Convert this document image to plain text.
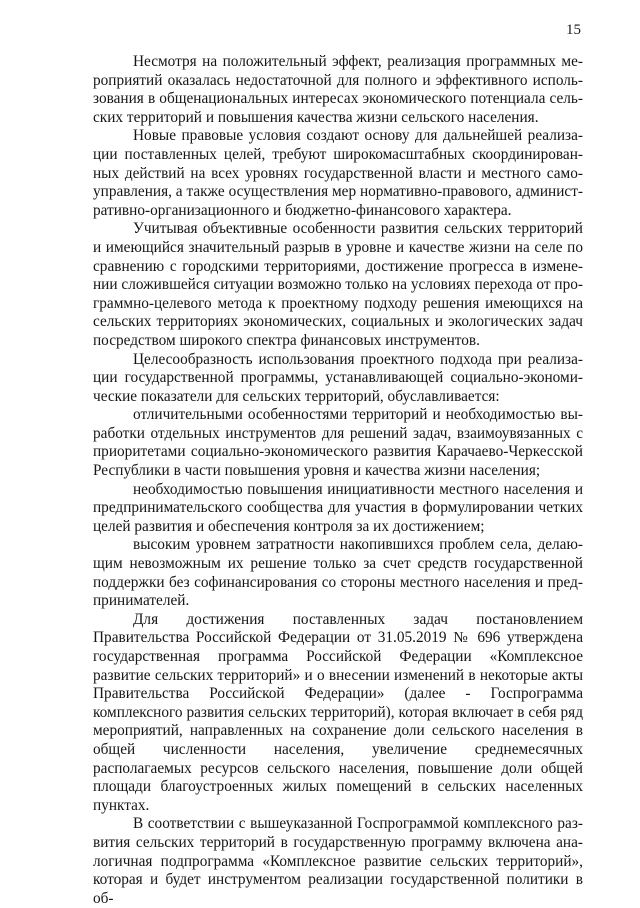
15

Несмотря на положительный эффект, реализация программных мероприятий оказалась недостаточной для полного и эффективного использования в общенациональных интересах экономического потенциала сельских территорий и повышения качества жизни сельского населения.

Новые правовые условия создают основу для дальнейшей реализации поставленных целей, требуют широкомасштабных скоординированных действий на всех уровнях государственной власти и местного самоуправления, а также осуществления мер нормативно-правового, административно-организационного и бюджетно-финансового характера.

Учитывая объективные особенности развития сельских территорий и имеющийся значительный разрыв в уровне и качестве жизни на селе по сравнению с городскими территориями, достижение прогресса в изменении сложившейся ситуации возможно только на условиях перехода от программно-целевого метода к проектному подходу решения имеющихся на сельских территориях экономических, социальных и экологических задач посредством широкого спектра финансовых инструментов.

Целесообразность использования проектного подхода при реализации государственной программы, устанавливающей социально-экономические показатели для сельских территорий, обуславливается:

отличительными особенностями территорий и необходимостью выработки отдельных инструментов для решений задач, взаимоувязанных с приоритетами социально-экономического развития Карачаево-Черкесской Республики в части повышения уровня и качества жизни населения;

необходимостью повышения инициативности местного населения и предпринимательского сообщества для участия в формулировании четких целей развития и обеспечения контроля за их достижением;

высоким уровнем затратности накопившихся проблем села, делающим невозможным их решение только за счет средств государственной поддержки без софинансирования со стороны местного населения и предпринимателей.

Для достижения поставленных задач постановлением Правительства Российской Федерации от 31.05.2019 № 696 утверждена государственная программа Российской Федерации «Комплексное развитие сельских территорий» и о внесении изменений в некоторые акты Правительства Российской Федерации» (далее - Госпрограмма комплексного развития сельских территорий), которая включает в себя ряд мероприятий, направленных на сохранение доли сельского населения в общей численности населения, увеличение среднемесячных располагаемых ресурсов сельского населения, повышение доли общей площади благоустроенных жилых помещений в сельских населенных пунктах.

В соответствии с вышеуказанной Госпрограммой комплексного развития сельских территорий в государственную программу включена аналогичная подпрограмма «Комплексное развитие сельских территорий», которая и будет инструментом реализации государственной политики в об-
